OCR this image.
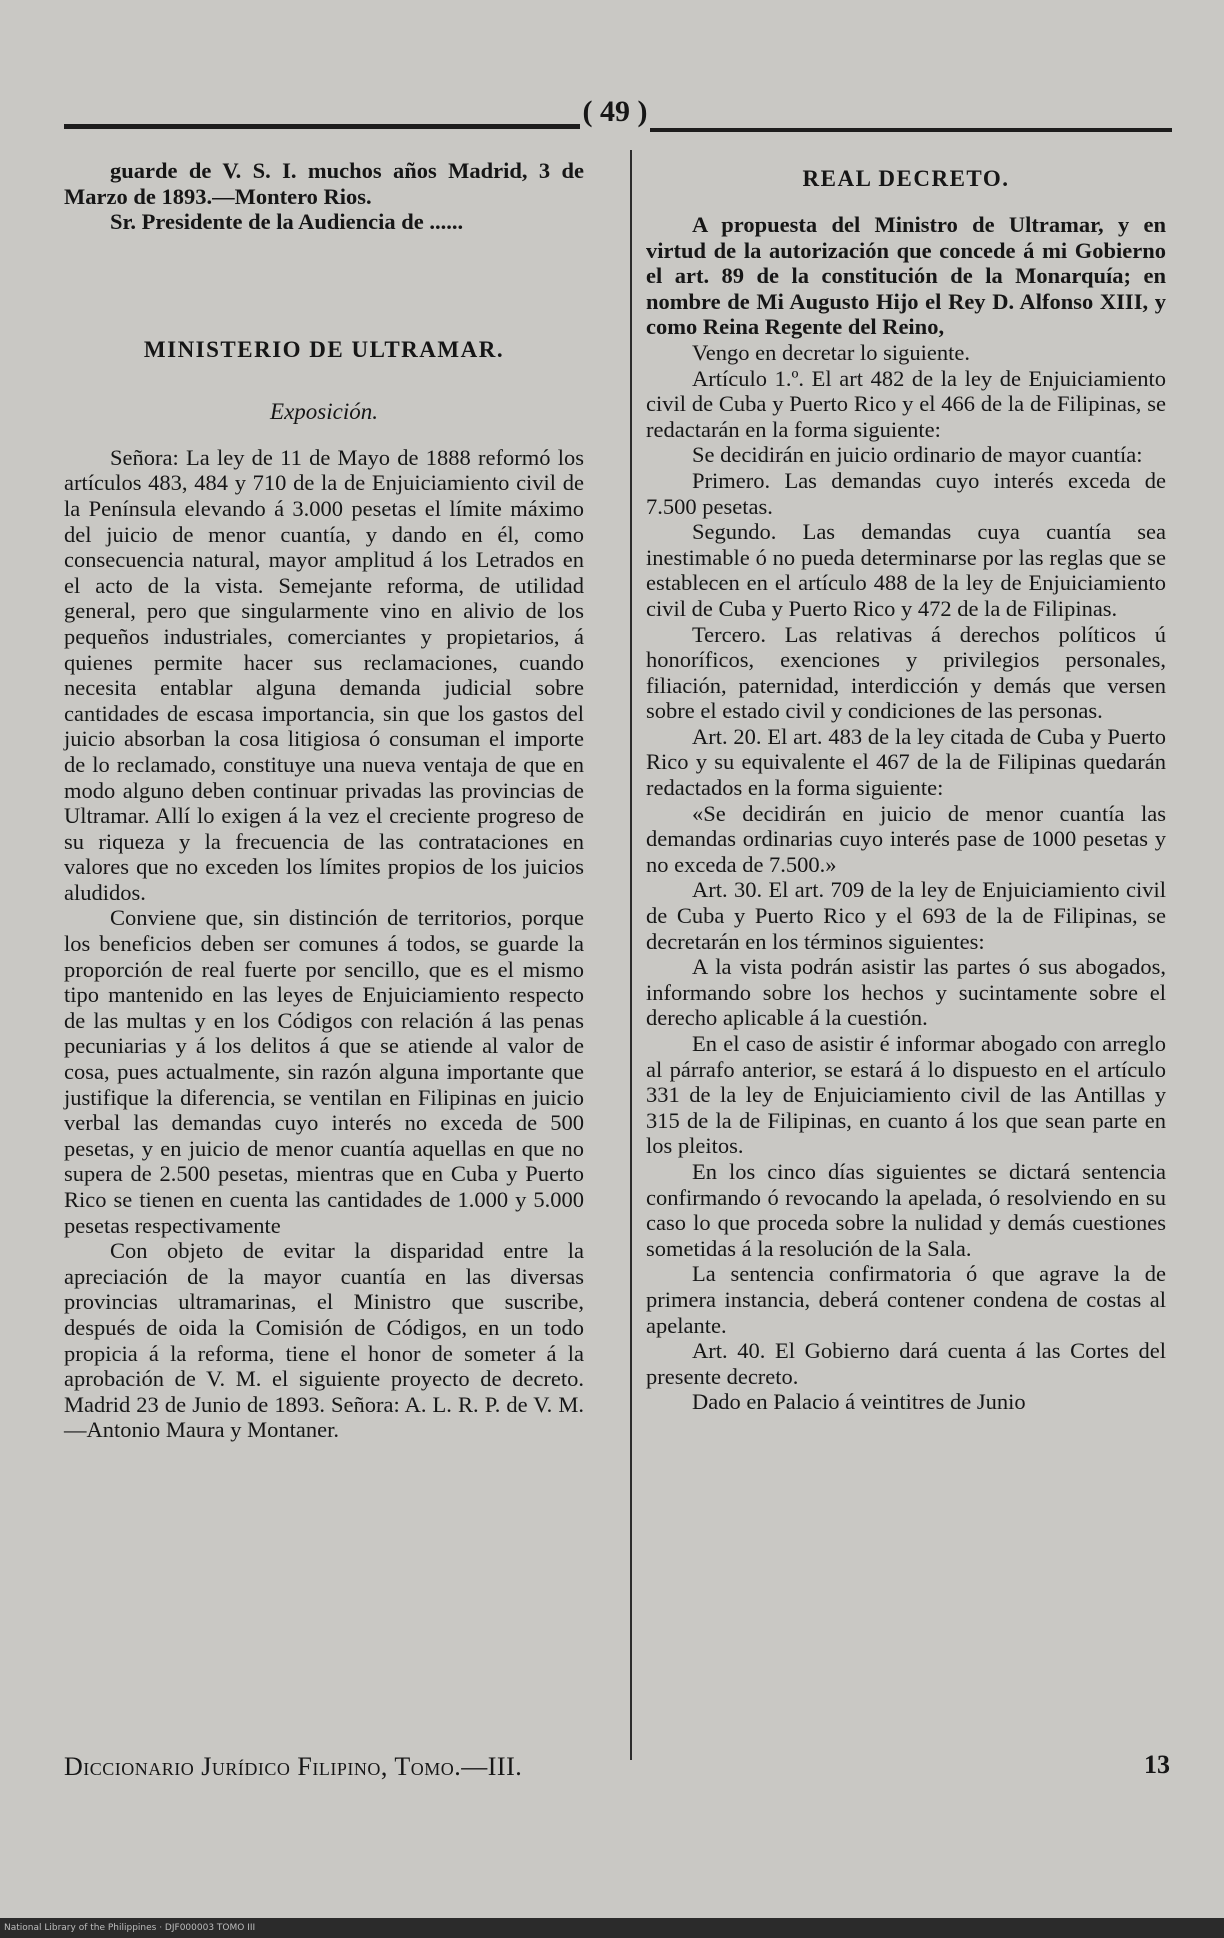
( 49 )

guarde de V. S. I. muchos años Madrid, 3 de Marzo de 1893.—Montero Rios.

Sr. Presidente de la Audiencia de ......

MINISTERIO DE ULTRAMAR.
Exposición.

Señora: La ley de 11 de Mayo de 1888 reformó los artículos 483, 484 y 710 de la de Enjuiciamiento civil de la Península elevando á 3.000 pesetas el límite máximo del juicio de menor cuantía, y dando en él, como consecuencia natural, mayor amplitud á los Letrados en el acto de la vista. Semejante reforma, de utilidad general, pero que singularmente vino en alivio de los pequeños industriales, comerciantes y propietarios, á quienes permite hacer sus reclamaciones, cuando necesita entablar alguna demanda judicial sobre cantidades de escasa importancia, sin que los gastos del juicio absorban la cosa litigiosa ó consuman el importe de lo reclamado, constituye una nueva ventaja de que en modo alguno deben continuar privadas las provincias de Ultramar. Allí lo exigen á la vez el creciente progreso de su riqueza y la frecuencia de las contrataciones en valores que no exceden los límites propios de los juicios aludidos.

Conviene que, sin distinción de territorios, porque los beneficios deben ser comunes á todos, se guarde la proporción de real fuerte por sencillo, que es el mismo tipo mantenido en las leyes de Enjuiciamiento respecto de las multas y en los Códigos con relación á las penas pecuniarias y á los delitos á que se atiende al valor de cosa, pues actualmente, sin razón alguna importante que justifique la diferencia, se ventilan en Filipinas en juicio verbal las demandas cuyo interés no exceda de 500 pesetas, y en juicio de menor cuantía aquellas en que no supera de 2.500 pesetas, mientras que en Cuba y Puerto Rico se tienen en cuenta las cantidades de 1.000 y 5.000 pesetas respectivamente

Con objeto de evitar la disparidad entre la apreciación de la mayor cuantía en las diversas provincias ultramarinas, el Ministro que suscribe, después de oida la Comisión de Códigos, en un todo propicia á la reforma, tiene el honor de someter á la aprobación de V. M. el siguiente proyecto de decreto. Madrid 23 de Junio de 1893. Señora: A. L. R. P. de V. M.—Antonio Maura y Montaner.

REAL DECRETO.

A propuesta del Ministro de Ultramar, y en virtud de la autorización que concede á mi Gobierno el art. 89 de la constitución de la Monarquía; en nombre de Mi Augusto Hijo el Rey D. Alfonso XIII, y como Reina Regente del Reino,

Vengo en decretar lo siguiente.

Artículo 1.º. El art 482 de la ley de Enjuiciamiento civil de Cuba y Puerto Rico y el 466 de la de Filipinas, se redactarán en la forma siguiente:

Se decidirán en juicio ordinario de mayor cuantía:

Primero. Las demandas cuyo interés exceda de 7.500 pesetas.

Segundo. Las demandas cuya cuantía sea inestimable ó no pueda determinarse por las reglas que se establecen en el artículo 488 de la ley de Enjuiciamiento civil de Cuba y Puerto Rico y 472 de la de Filipinas.

Tercero. Las relativas á derechos políticos ú honoríficos, exenciones y privilegios personales, filiación, paternidad, interdicción y demás que versen sobre el estado civil y condiciones de las personas.

Art. 20. El art. 483 de la ley citada de Cuba y Puerto Rico y su equivalente el 467 de la de Filipinas quedarán redactados en la forma siguiente:

«Se decidirán en juicio de menor cuantía las demandas ordinarias cuyo interés pase de 1000 pesetas y no exceda de 7.500.»

Art. 30. El art. 709 de la ley de Enjuiciamiento civil de Cuba y Puerto Rico y el 693 de la de Filipinas, se decretarán en los términos siguientes:

A la vista podrán asistir las partes ó sus abogados, informando sobre los hechos y sucintamente sobre el derecho aplicable á la cuestión.

En el caso de asistir é informar abogado con arreglo al párrafo anterior, se estará á lo dispuesto en el artículo 331 de la ley de Enjuiciamiento civil de las Antillas y 315 de la de Filipinas, en cuanto á los que sean parte en los pleitos.

En los cinco días siguientes se dictará sentencia confirmando ó revocando la apelada, ó resolviendo en su caso lo que proceda sobre la nulidad y demás cuestiones sometidas á la resolución de la Sala.

La sentencia confirmatoria ó que agrave la de primera instancia, deberá contener condena de costas al apelante.

Art. 40. El Gobierno dará cuenta á las Cortes del presente decreto.

Dado en Palacio á veintitres de Junio

Diccionario Jurídico Filipino, Tomo.—III.	13
National Library of the Philippines · DJF000003 TOMO III
